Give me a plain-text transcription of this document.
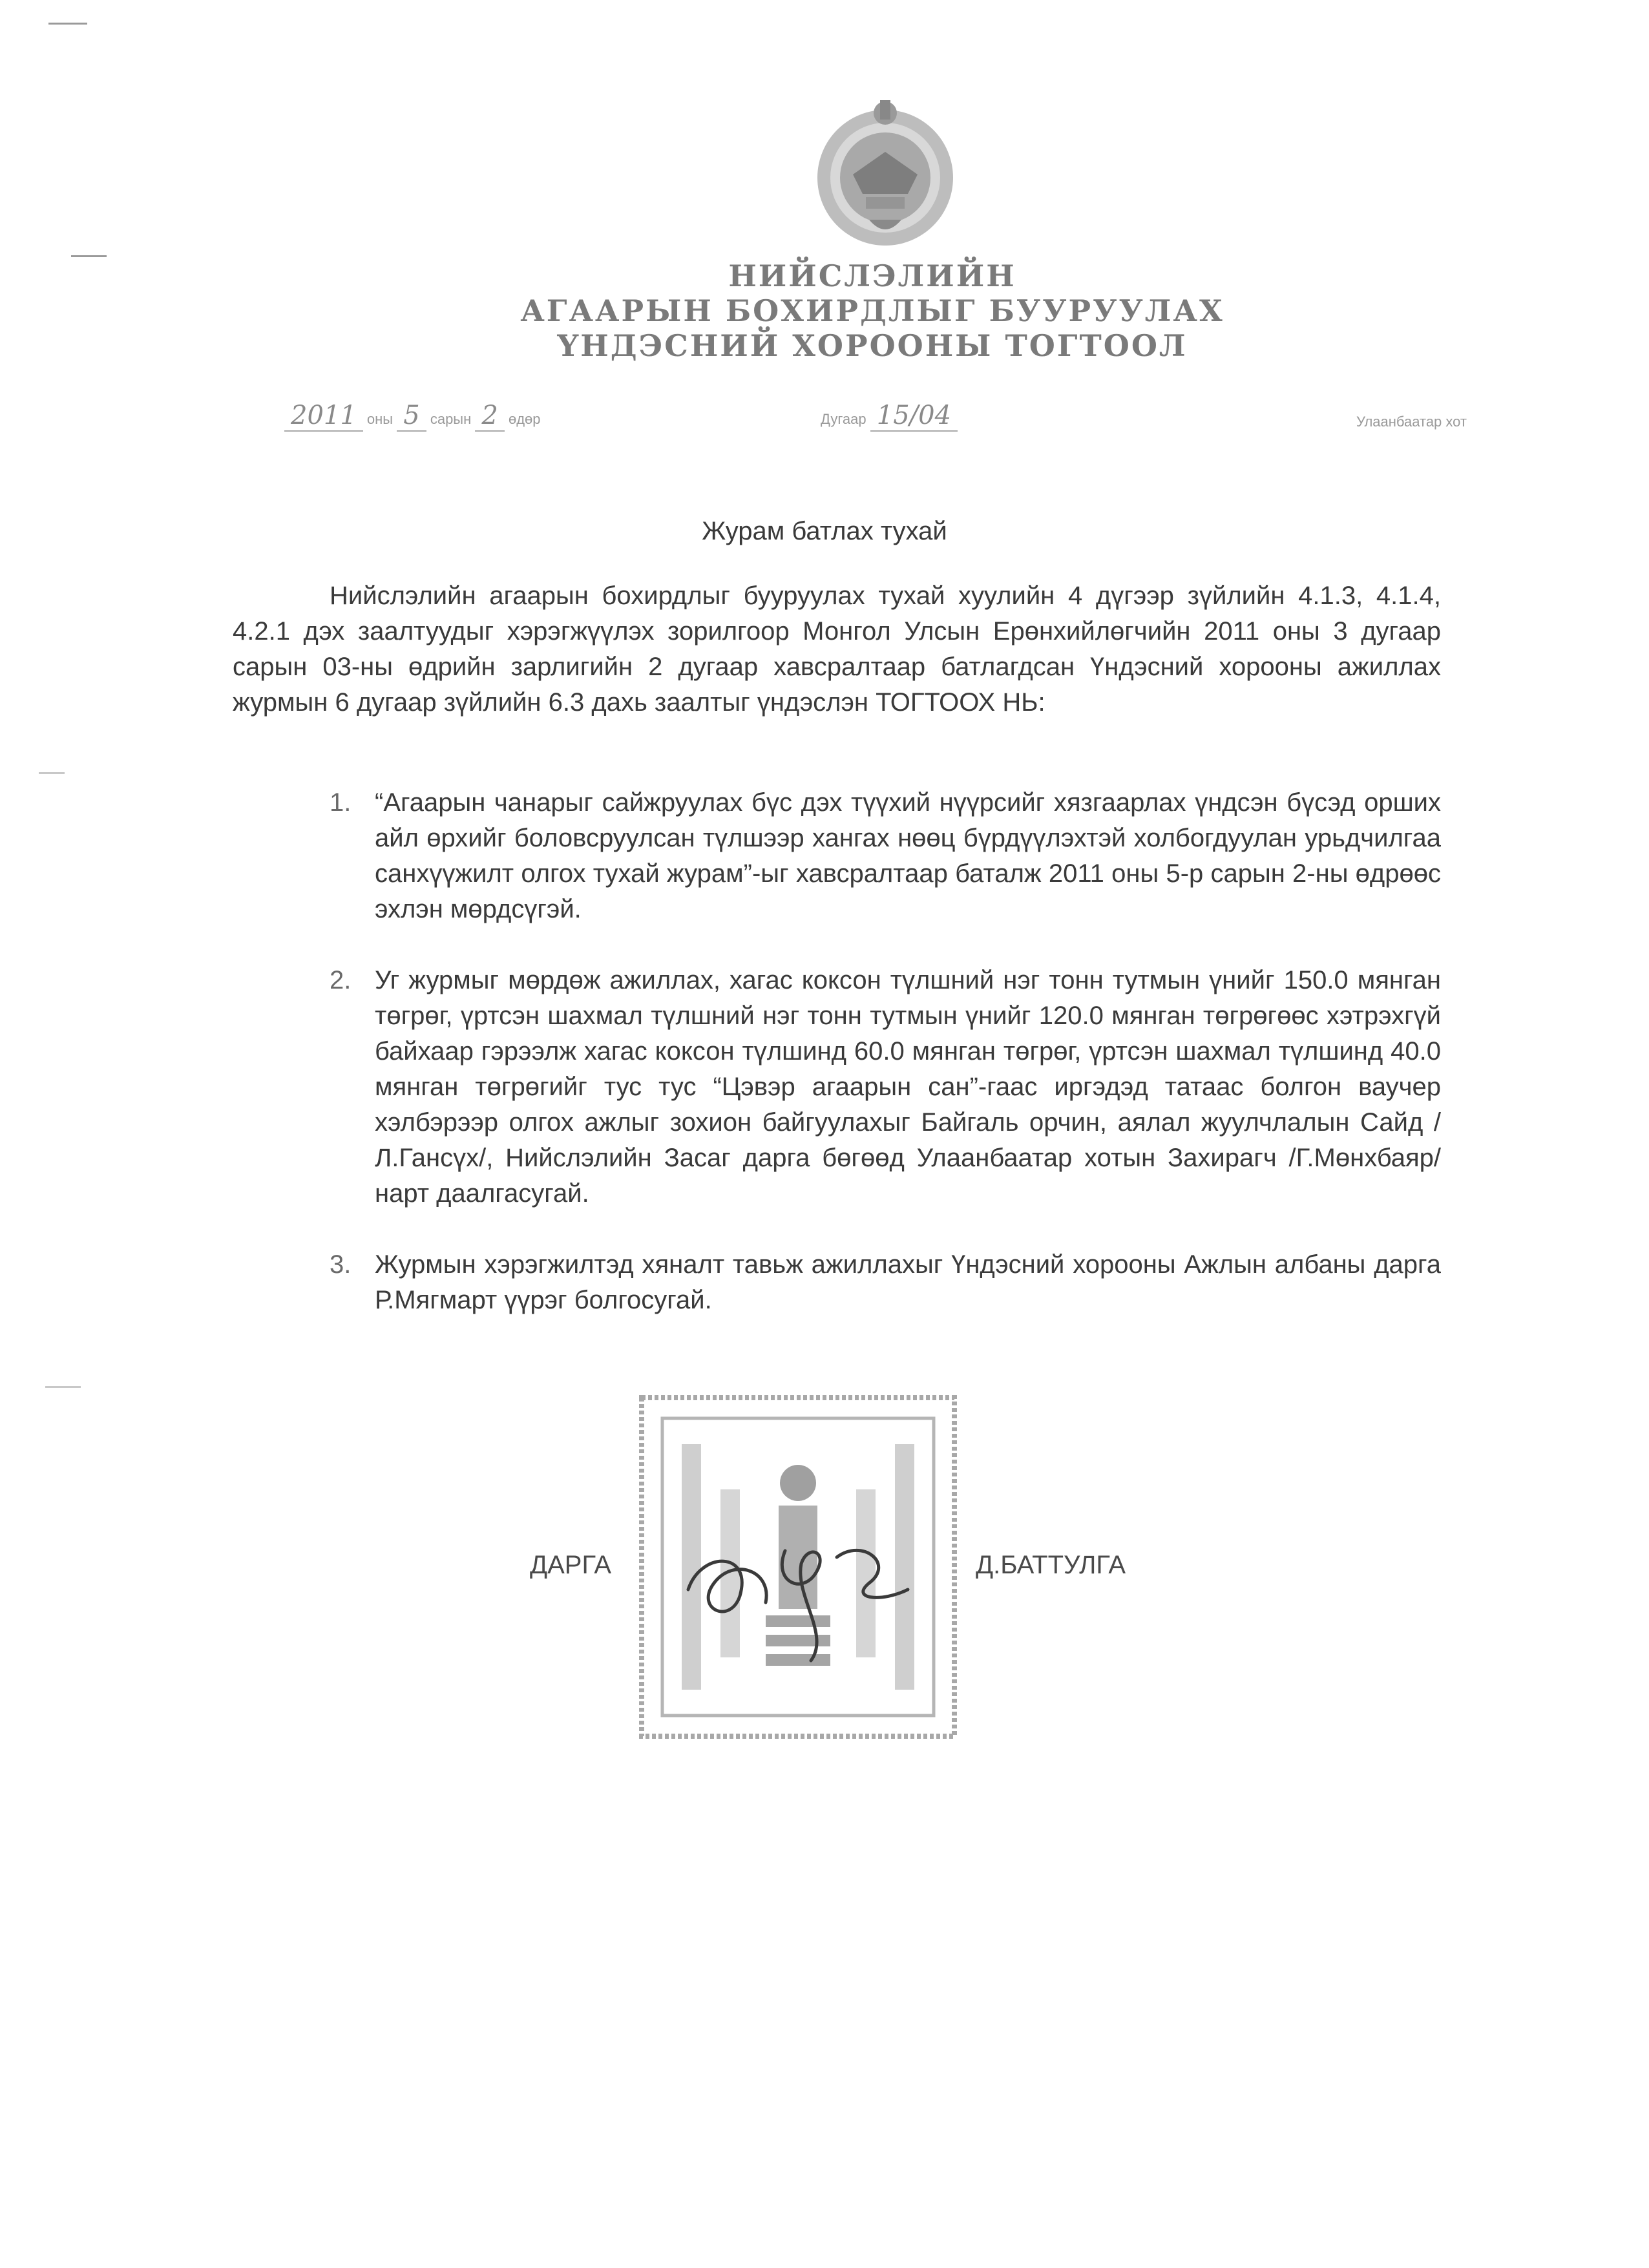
НИЙСЛЭЛИЙН
АГААРЫН БОХИРДЛЫГ БУУРУУЛАХ
ҮНДЭСНИЙ ХОРООНЫ ТОГТООЛ
2011 оны 5 сарын 2 өдөр	Дугаар 15/04	Улаанбаатар хот
Журам батлах тухай

Нийслэлийн агаарын бохирдлыг бууруулах тухай хуулийн 4 дүгээр зүйлийн 4.1.3, 4.1.4, 4.2.1 дэх заалтуудыг хэрэгжүүлэх зорилгоор Монгол Улсын Ерөнхийлөгчийн 2011 оны 3 дугаар сарын 03-ны өдрийн зарлигийн 2 дугаар хавсралтаар батлагдсан Үндэсний хорооны ажиллах журмын 6 дугаар зүйлийн 6.3 дахь заалтыг үндэслэн ТОГТООХ НЬ:

1. “Агаарын чанарыг сайжруулах бүс дэх түүхий нүүрсийг хязгаарлах үндсэн бүсэд орших айл өрхийг боловсруулсан түлшээр хангах нөөц бүрдүүлэхтэй холбогдуулан урьдчилгаа санхүүжилт олгох тухай журам”-ыг хавсралтаар баталж 2011 оны 5-р сарын 2-ны өдрөөс эхлэн мөрдсүгэй.
2. Уг журмыг мөрдөж ажиллах, хагас коксон түлшний нэг тонн тутмын үнийг 150.0 мянган төгрөг, үртсэн шахмал түлшний нэг тонн тутмын үнийг 120.0 мянган төгрөгөөс хэтрэхгүй байхаар гэрээлж хагас коксон түлшинд 60.0 мянган төгрөг, үртсэн шахмал түлшинд 40.0 мянган төгрөгийг тус тус “Цэвэр агаарын сан”-гаас иргэдэд татаас болгон ваучер хэлбэрээр олгох ажлыг зохион байгуулахыг Байгаль орчин, аялал жуулчлалын Сайд /Л.Гансүх/, Нийслэлийн Засаг дарга бөгөөд Улаанбаатар хотын Захирагч /Г.Мөнхбаяр/ нарт даалгасугай.
3. Журмын хэрэгжилтэд хяналт тавьж ажиллахыг Үндэсний хорооны Ажлын албаны дарга Р.Мягмарт үүрэг болгосугай.
ДАРГА	Д.БАТТУЛГА
